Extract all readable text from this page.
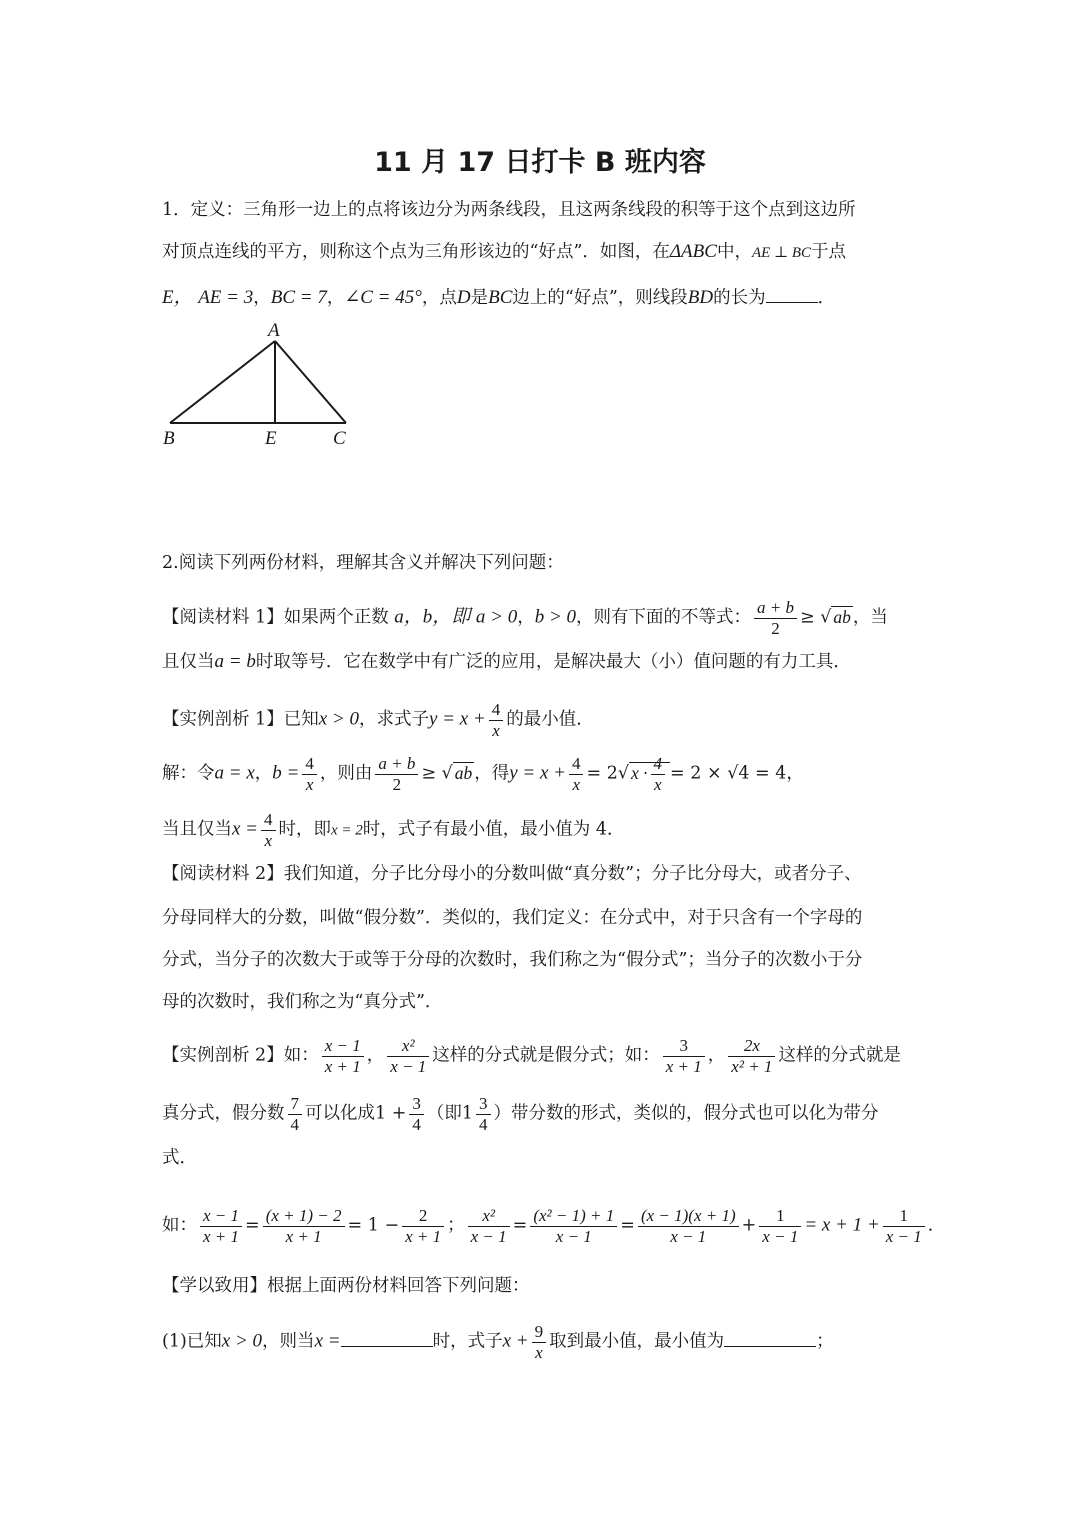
11 月 17 日打卡 B 班内容
1．定义：三角形一边上的点将该边分为两条线段，且这两条线段的积等于这个点到这边所
对顶点连线的平方，则称这个点为三角形该边的“好点”．如图，在ΔABC中，AE ⊥ BC于点
E， AE = 3，BC = 7，∠C = 45°，点D是BC边上的“好点”，则线段BD的长为	．
A
B	E	C
2.阅读下列两份材料，理解其含义并解决下列问题：
【阅读材料 1】如果两个正数 a，b，即 a > 0，b > 0，则有下面的不等式： $\frac{a + b}{2}$ ≥ √ ab ，当
且仅当a = b时取等号．它在数学中有广泛的应用，是解决最大（小）值问题的有力工具．
【实例剖析 1】已知x > 0，求式子$y = x + \frac{4}{x}$ 的最小值．
解：令a = x，$b = \frac{4}{x}$ ，则由 $\frac{a + b}{2}$ ≥ √ ab ，得$y = x + \frac{4}{x} = 2√$ $x \cdot \frac{4}{x} = 2 \times √4 = 4$，
当且仅当$x = \frac{4}{x}$ 时，即x = 2时，式子有最小值，最小值为 4．
【阅读材料 2】我们知道，分子比分母小的分数叫做“真分数”；分子比分母大，或者分子、
分母同样大的分数，叫做“假分数”．类似的，我们定义：在分式中，对于只含有一个字母的
分式，当分子的次数大于或等于分母的次数时，我们称之为“假分式”；当分子的次数小于分
母的次数时，我们称之为“真分式”．
【实例剖析 2】如： $\frac{x - 1}{x + 1}$ ， $\frac{\text{x²}}{x - 1}$ 这样的分式就是假分式；如： $\frac{3}{x + 1}$ ， $\frac{2x}{\text{x² + 1}}$ 这样的分式就是
真分式，假分数 $\frac{7}{4}$ 可以化成$1 + \frac{3}{4}$ （即$1 \frac{3}{4}$ ）带分数的形式，类似的，假分式也可以化为带分
式．
如： $\frac{x - 1}{x + 1} = \frac{(x + 1) - 2}{x + 1} = 1 - \frac{2}{x + 1}$ ； $\frac{\text{x²}}{x - 1} = \frac{\text{(x² − 1) + 1}}{x - 1} = \frac{(x - 1)(x + 1)}{x - 1} + \frac{1}{x - 1} = x + 1 + \frac{1}{x - 1}$ ．
【学以致用】根据上面两份材料回答下列问题：
(1)已知x > 0，则当x =	时，式子$x + \frac{9}{x}$ 取到最小值，最小值为	；
